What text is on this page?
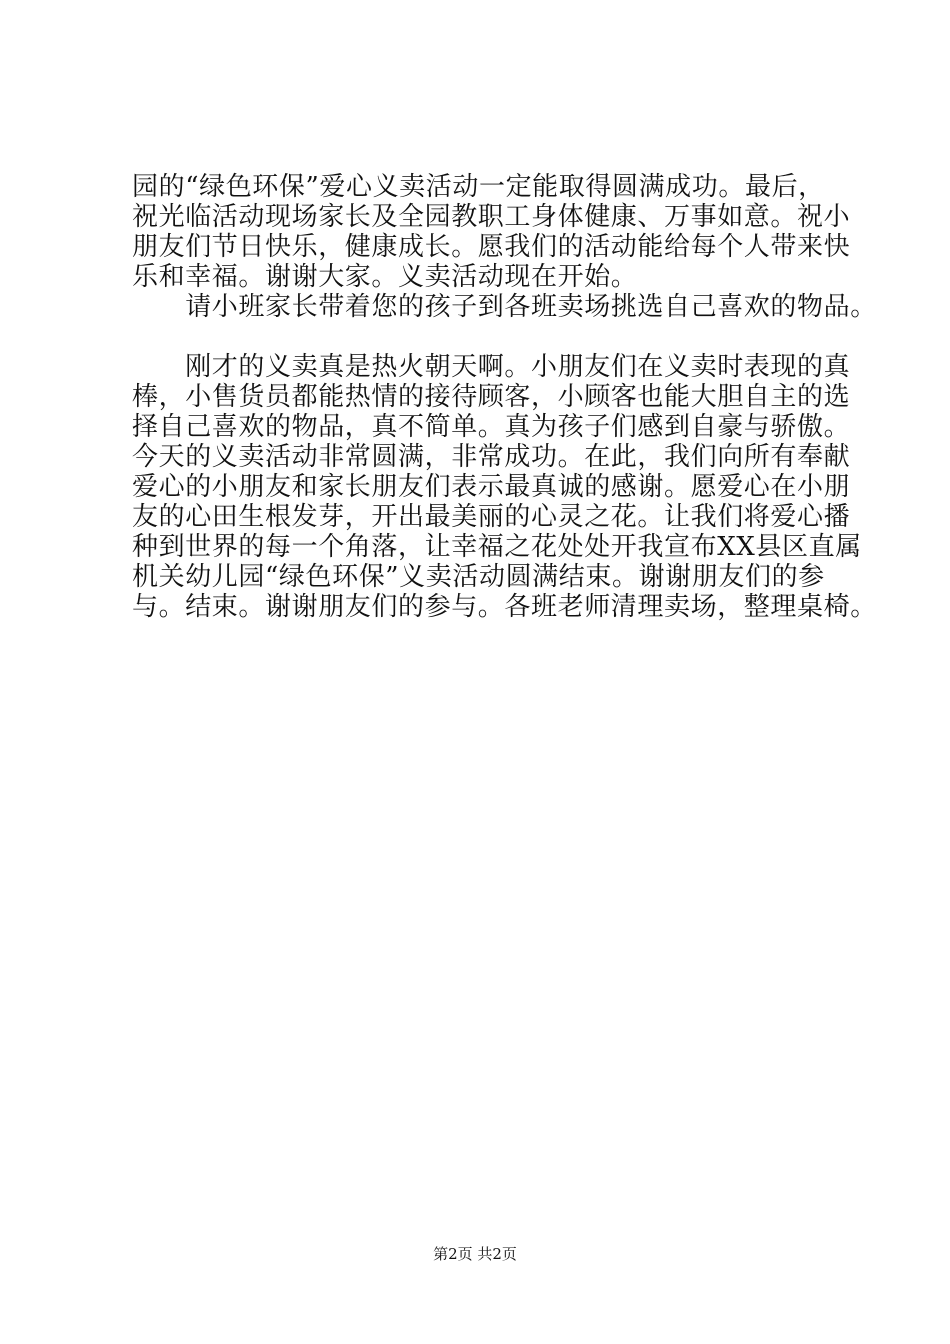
园的“绿色环保”爱心义卖活动一定能取得圆满成功。最后，
祝光临活动现场家长及全园教职工身体健康、万事如意。祝小
朋友们节日快乐，健康成长。愿我们的活动能给每个人带来快
乐和幸福。谢谢大家。义卖活动现在开始。
　　请小班家长带着您的孩子到各班卖场挑选自己喜欢的物品。
　　刚才的义卖真是热火朝天啊。小朋友们在义卖时表现的真
棒，小售货员都能热情的接待顾客，小顾客也能大胆自主的选
择自己喜欢的物品，真不简单。真为孩子们感到自豪与骄傲。
今天的义卖活动非常圆满，非常成功。在此，我们向所有奉献
爱心的小朋友和家长朋友们表示最真诚的感谢。愿爱心在小朋
友的心田生根发芽，开出最美丽的心灵之花。让我们将爱心播
种到世界的每一个角落，让幸福之花处处开我宣布XX县区直属
机关幼儿园“绿色环保”义卖活动圆满结束。谢谢朋友们的参
与。结束。谢谢朋友们的参与。各班老师清理卖场，整理桌椅。
第2页 共2页
